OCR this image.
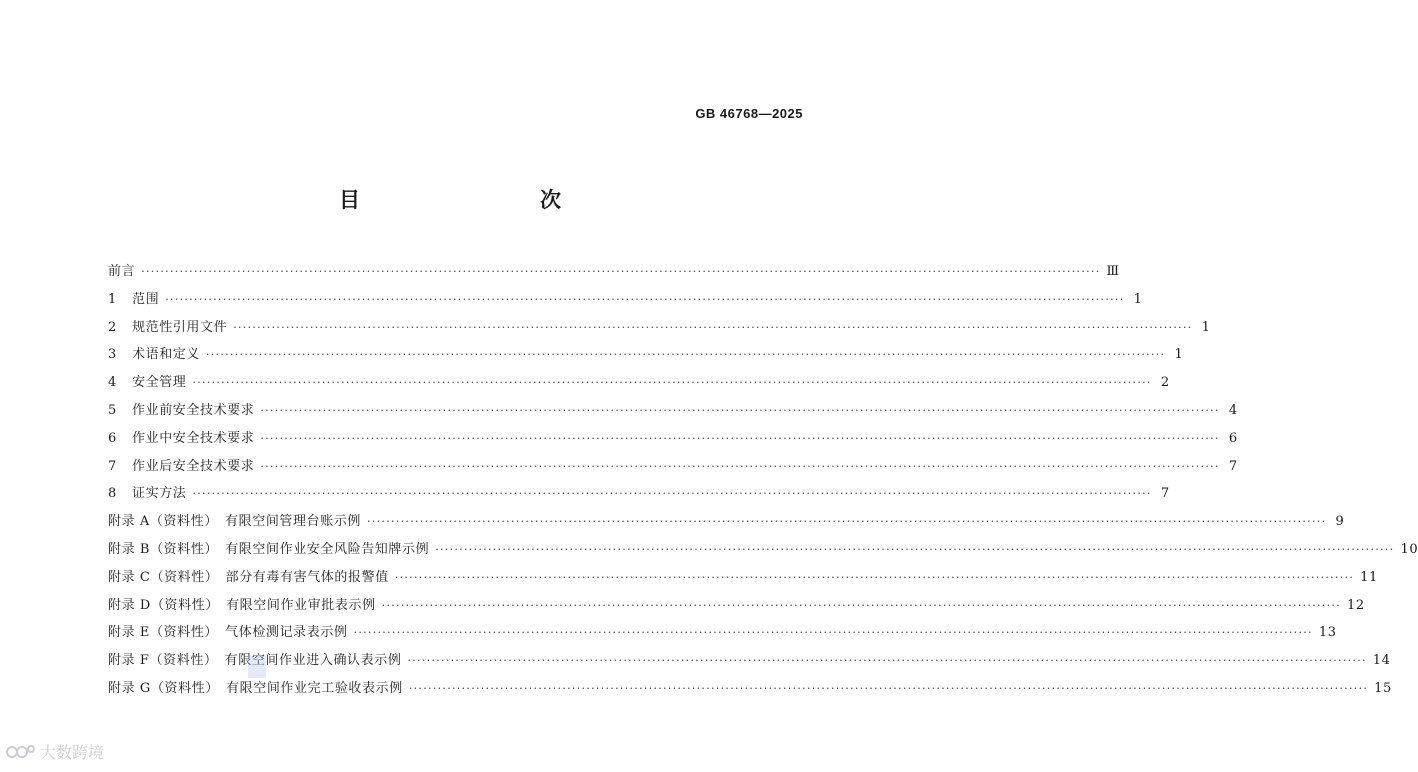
GB 46768—2025
目　　次
前言 ········································································································································································································ Ⅲ
1	范围 ········································································································································································································ 1
2	规范性引用文件 ········································································································································································································ 1
3	术语和定义 ········································································································································································································ 1
4	安全管理 ········································································································································································································ 2
5	作业前安全技术要求 ········································································································································································································ 4
6	作业中安全技术要求 ········································································································································································································ 6
7	作业后安全技术要求 ········································································································································································································ 7
8	证实方法 ········································································································································································································ 7
附录 A（资料性）　 有限空间管理台账示例 ········································································································································································································ 9
附录 B（资料性）　 有限空间作业安全风险告知牌示例 ········································································································································································································ 10
附录 C（资料性）　 部分有毒有害气体的报警值 ········································································································································································································ 11
附录 D（资料性）　 有限空间作业审批表示例 ········································································································································································································ 12
附录 E（资料性）　 气体检测记录表示例 ········································································································································································································ 13
附录 F（资料性）　 有限空间作业进入确认表示例 ········································································································································································································ 14
附录 G（资料性）　 有限空间作业完工验收表示例 ········································································································································································································ 15
大数跨境
